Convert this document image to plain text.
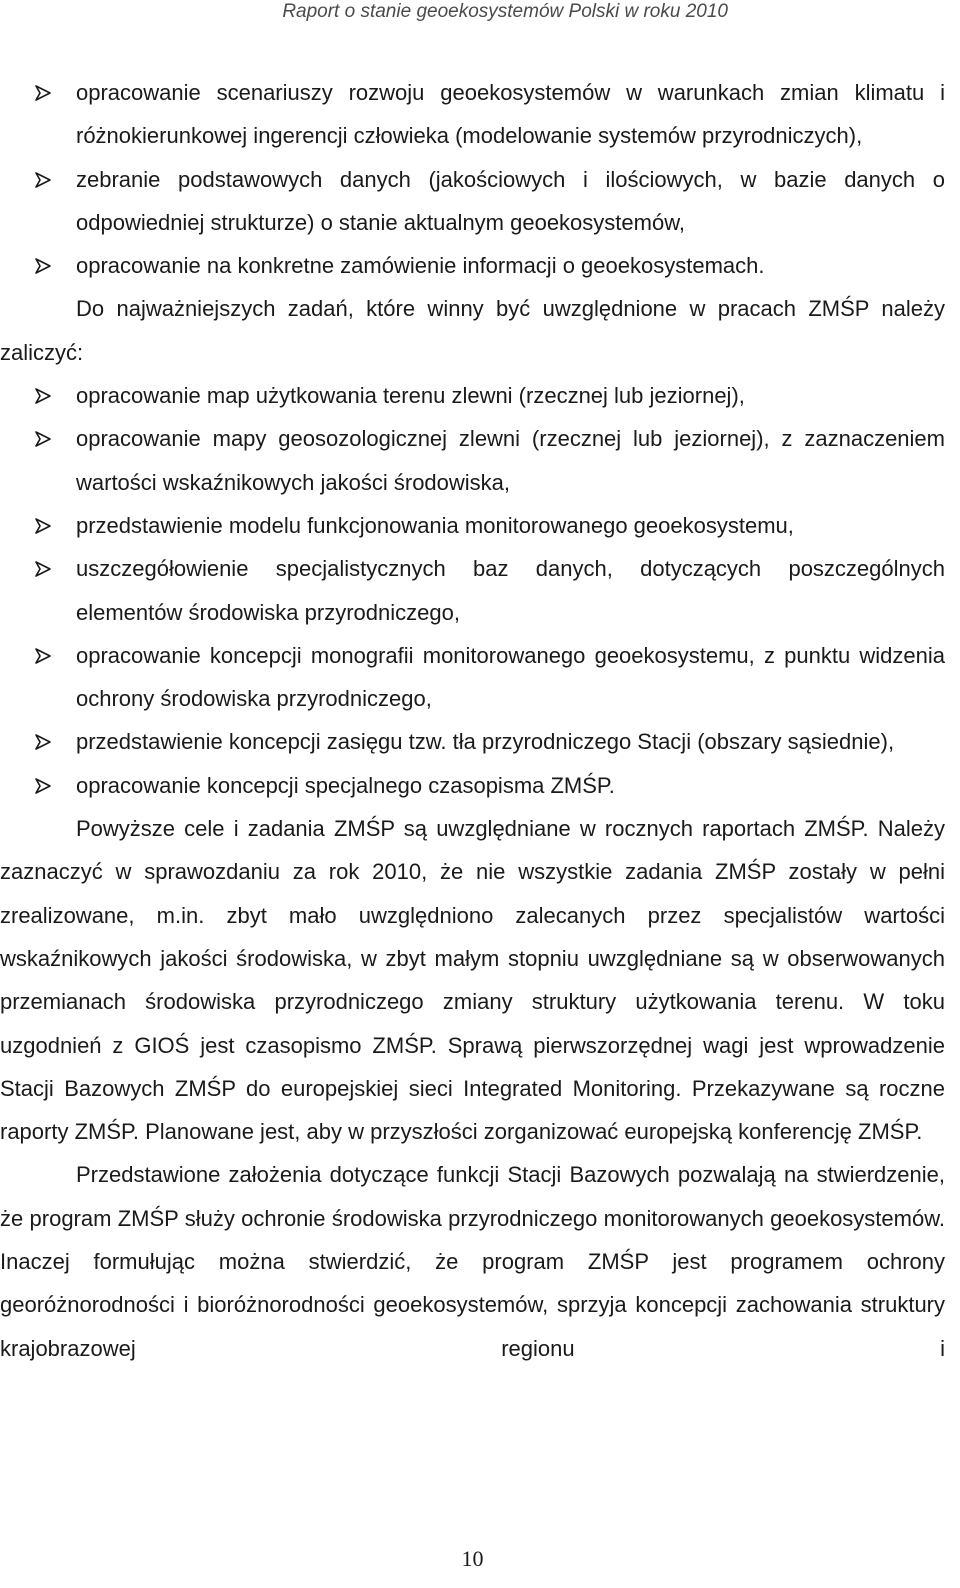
Raport o stanie geoekosystemów Polski w roku 2010
opracowanie scenariuszy rozwoju geoekosystemów w warunkach zmian klimatu i różnokierunkowej ingerencji człowieka (modelowanie systemów przyrodniczych),
zebranie podstawowych danych (jakościowych i ilościowych, w bazie danych o odpowiedniej strukturze) o stanie aktualnym geoekosystemów,
opracowanie na konkretne zamówienie informacji o geoekosystemach.

Do najważniejszych zadań, które winny być uwzględnione w pracach ZMŚP należy zaliczyć:

opracowanie map użytkowania terenu zlewni (rzecznej lub jeziornej),
opracowanie mapy geosozologicznej zlewni (rzecznej lub jeziornej), z zaznaczeniem wartości wskaźnikowych jakości środowiska,
przedstawienie modelu funkcjonowania monitorowanego geoekosystemu,
uszczegółowienie specjalistycznych baz danych, dotyczących poszczególnych elementów środowiska przyrodniczego,
opracowanie koncepcji monografii monitorowanego geoekosystemu, z punktu widzenia ochrony środowiska przyrodniczego,
przedstawienie koncepcji zasięgu tzw. tła przyrodniczego Stacji (obszary sąsiednie),
opracowanie koncepcji specjalnego czasopisma ZMŚP.

Powyższe cele i zadania ZMŚP są uwzględniane w rocznych raportach ZMŚP. Należy zaznaczyć w sprawozdaniu za rok 2010, że nie wszystkie zadania ZMŚP zostały w pełni zrealizowane, m.in. zbyt mało uwzględniono zalecanych przez specjalistów wartości wskaźnikowych jakości środowiska, w zbyt małym stopniu uwzględniane są w obserwowanych przemianach środowiska przyrodniczego zmiany struktury użytkowania terenu. W toku uzgodnień z GIOŚ jest czasopismo ZMŚP. Sprawą pierwszorzędnej wagi jest wprowadzenie Stacji Bazowych ZMŚP do europejskiej sieci Integrated Monitoring. Przekazywane są roczne raporty ZMŚP. Planowane jest, aby w przyszłości zorganizować europejską konferencję ZMŚP.

Przedstawione założenia dotyczące funkcji Stacji Bazowych pozwalają na stwierdzenie, że program ZMŚP służy ochronie środowiska przyrodniczego monitorowanych geoekosystemów. Inaczej formułując można stwierdzić, że program ZMŚP jest programem ochrony georóżnorodności i bioróżnorodności geoekosystemów, sprzyja koncepcji zachowania struktury krajobrazowej regionu i

10
